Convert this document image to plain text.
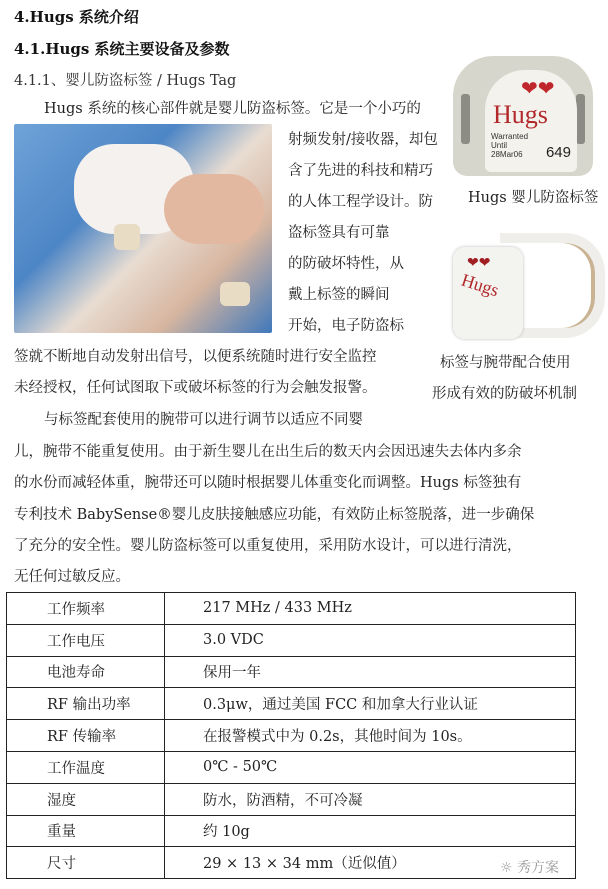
4.Hugs 系统介绍
4.1.Hugs 系统主要设备及参数
4.1.1、婴儿防盗标签 / Hugs Tag
Hugs 系统的核心部件就是婴儿防盗标签。它是一个小巧的
射频发射/接收器，却包
含了先进的科技和精巧
的人体工程学设计。防
盗标签具有可靠
的防破坏特性，从
戴上标签的瞬间
开始，电子防盗标
签就不断地自动发射出信号，以便系统随时进行安全监控
未经授权，任何试图取下或破坏标签的行为会触发报警。
❤❤
Hugs
Warranted
Until
28Mar06	649
Hugs 婴儿防盗标签
❤❤
Hugs
标签与腕带配合使用
形成有效的防破坏机制
与标签配套使用的腕带可以进行调节以适应不同婴
儿，腕带不能重复使用。由于新生婴儿在出生后的数天内会因迅速失去体内多余
的水份而减轻体重，腕带还可以随时根据婴儿体重变化而调整。Hugs 标签独有
专利技术 BabySense®婴儿皮肤接触感应功能，有效防止标签脱落，进一步确保
了充分的安全性。婴儿防盗标签可以重复使用，采用防水设计，可以进行清洗，
无任何过敏反应。
工作频率	217 MHz / 433 MHz
工作电压	3.0 VDC
电池寿命	保用一年
RF 输出功率	0.3μw，通过美国 FCC 和加拿大行业认证
RF 传输率	在报警模式中为 0.2s，其他时间为 10s。
工作温度	0℃ - 50℃
湿度	防水，防酒精，不可冷凝
重量	约 10g
尺寸	29 × 13 × 34 mm（近似值）	☼ 秀方案
